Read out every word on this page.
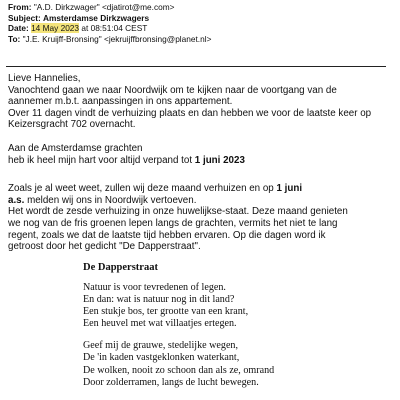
From: "A.D. Dirkzwager" <djatirot@me.com>
Subject: Amsterdamse Dirkzwagers
Date: 14 May 2023 at 08:51:04 CEST
To: "J.E. Kruijff-Bronsing" <jekruijffbronsing@planet.nl>

Lieve Hannelies,

Vanochtend gaan we naar Noordwijk om te kijken naar de voortgang van de

aannemer m.b.t. aanpassingen in ons appartement.

Over 11 dagen vindt de verhuizing plaats en dan hebben we voor de laatste keer op

Keizersgracht 702 overnacht.

Aan de Amsterdamse grachten

heb ik heel mijn hart voor altijd verpand tot 1 juni 2023

Zoals je al weet weet, zullen wij deze maand verhuizen en op 1 juni

a.s. melden wij ons in Noordwijk vertoeven.

Het wordt de zesde verhuizing in onze huwelijkse-staat. Deze maand genieten

we nog van de fris groenen lepen langs de grachten, vermits het niet te lang

regent, zoals we dat de laatste tijd hebben ervaren. Op die dagen word ik

getroost door het gedicht "De Dapperstraat".

De Dapperstraat

Natuur is voor tevredenen of legen.

En dan: wat is natuur nog in dit land?

Een stukje bos, ter grootte van een krant,

Een heuvel met wat villaatjes ertegen.

Geef mij de grauwe, stedelijke wegen,

De 'in kaden vastgeklonken waterkant,

De wolken, nooit zo schoon dan als ze, omrand

Door zolderramen, langs de lucht bewegen.
